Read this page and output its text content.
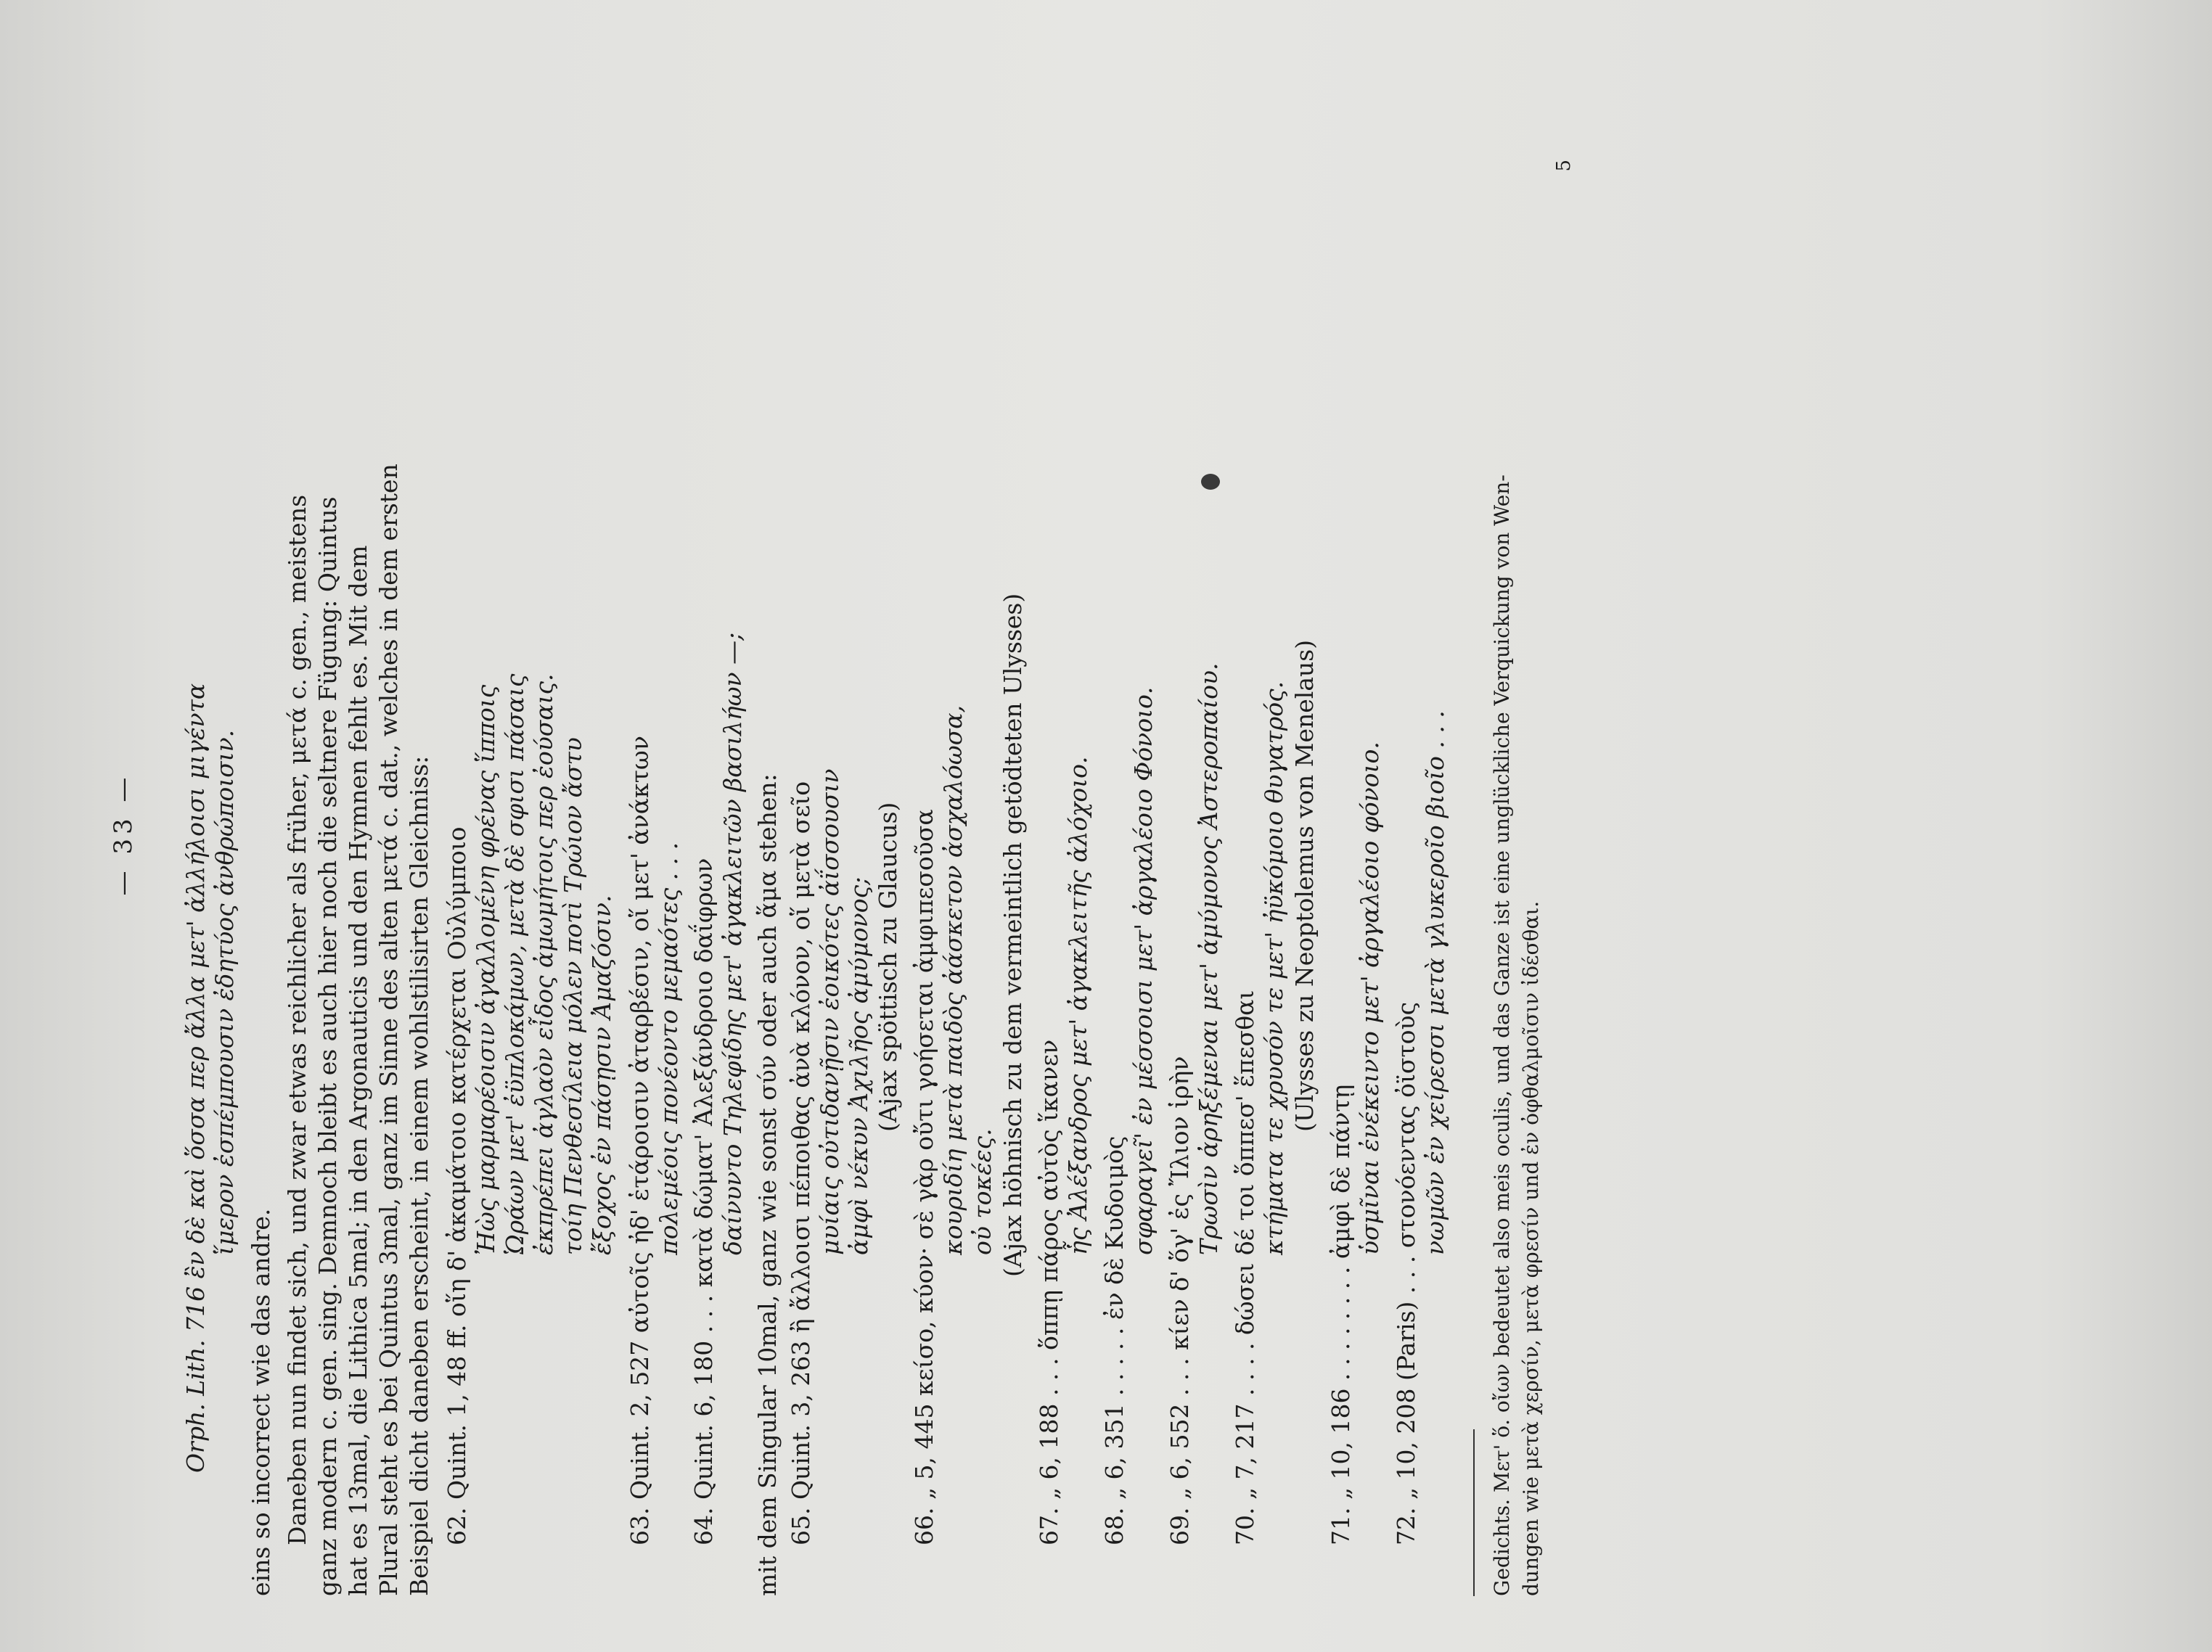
— 33 — Orph. Lith. 716 ἒν δὲ καὶ ὅσσα περ ἄλλα μετ' ἀλλήλοισι μιγέντα ἵμερον ἐσπέμπουσιν ἐδητύος ἀνθρώποισιν.
eins so incorrect wie das andre. Daneben nun findet sich, und zwar etwas reichlicher als früher, μετά c. gen., meistens ganz modern c. gen. sing. Demnoch bleibt es auch hier noch die seltnere Fügung: Quintus hat es 13mal, die Lithica 5mal; in den Argonauticis und den Hymnen fehlt es. Mit dem Plural steht es bei Quintus 3mal, ganz im Sinne des alten μετά c. dat., welches in dem ersten Beispiel dicht daneben erscheint, in einem wohlstilisirten Gleichniss: 62. Quint. 1, 48 ff. οἵη δ' ἀκαμάτοιο κατέρχεται Οὐλύμποιο Ἠὼς μαρμαρέοισιν ἀγαλλομένη φρένας ἵπποις Ὡράων μετ' ἐϋπλοκάμων, μετὰ δὲ σφισι πάσαις ἐκπρέπει ἀγλαὸν εἶδος ἀμωμήτοις περ ἐούσαις. τοίη Πενθεσίλεια μόλεν ποτὶ Τρώιον ἄστυ ἔξοχος ἐν πάσῃσιν Ἀμαζόσιν. 63. Quint. 2, 527 αὐτοῖς ἠδ' ἑτάροισιν ἀταρβέσιν, οἵ μετ' ἀνάκτων πολεμέοις πονέοντο μεμαότες . . . 64. Quint. 6, 180 . . . κατὰ δώματ' Ἀλεξάνδροιο δαΐφρων δαίνυντο Τηλεφίδης μετ' ἀγακλειτῶν βασιλήων —; mit dem Singular 10mal, ganz wie sonst σύν oder auch ἅμα stehen: 65. Quint. 3, 263 ἢ ἄλλοισι πέποιθας ἀνὰ κλόνον, οἵ μετὰ σεῖο μυίαις οὐτιδανῇσιν ἐοικότες ἀΐσσουσιν ἀμφὶ νέκυν Ἀχιλῆος ἀμύμονος; (Ajax spöttisch zu Glaucus) 66. „ 5, 445 κείσο, κύον· σὲ γὰρ οὔτι γοήσεται ἀμφιπεσοῦσα κουριδίη μετὰ παιδὸς ἀάσκετον ἀσχαλόωσα, οὐ τοκέες. (Ajax höhnisch zu dem vermeintlich getödteten Ulysses)
67. „ 6, 188 . . . ὅππῃ πάρος αὐτὸς ἵκανεν
ἧς Ἀλέξανδρος μετ' ἀγακλειτῆς ἀλόχοιο.
68. „ 6, 351 . . . . . ἐν δὲ Κυδοιμὸς
σφαραγεῖ' ἐν μέσσοισι μετ' ἀργαλέοιο Φόνοιο.
69. „ 6, 552 . . . κίεν δ' ὅγ' ἐς Ἴλιον ἱρὴν
Τρωσὶν ἀρηξέμεναι μετ' ἀμύμονος Ἀστεροπαίου.
70. „ 7, 217 . . . . δώσει δέ τοι ὅππεσ' ἕπεσθαι
κτήματα τε χρυσόν τε μετ' ἠϋκόμοιο θυγατρός. (Ulysses zu Neoptolemus von Menelaus)
71. „ 10, 186 . . . . . . . . ἀμφὶ δὲ πάντῃ
ὑσμῖναι ἐνέκειντο μετ' ἀργαλέοιο φόνοιο.
72. „ 10, 208 (Paris) . . . στονόεντας ὀϊστοὺς
νωμῶν ἐν χείρεσσι μετὰ γλυκεροῖο βιοῖο . . . Gedichts. Μετ' ὅ. οἴων bedeutet also meis oculis, und das Ganze ist eine unglückliche Verquickung von Wen- dungen wie μετὰ χερσίν, μετὰ φρεσίν und ἐν ὀφθαλμοῖσιν ἰδέσθαι.
5
